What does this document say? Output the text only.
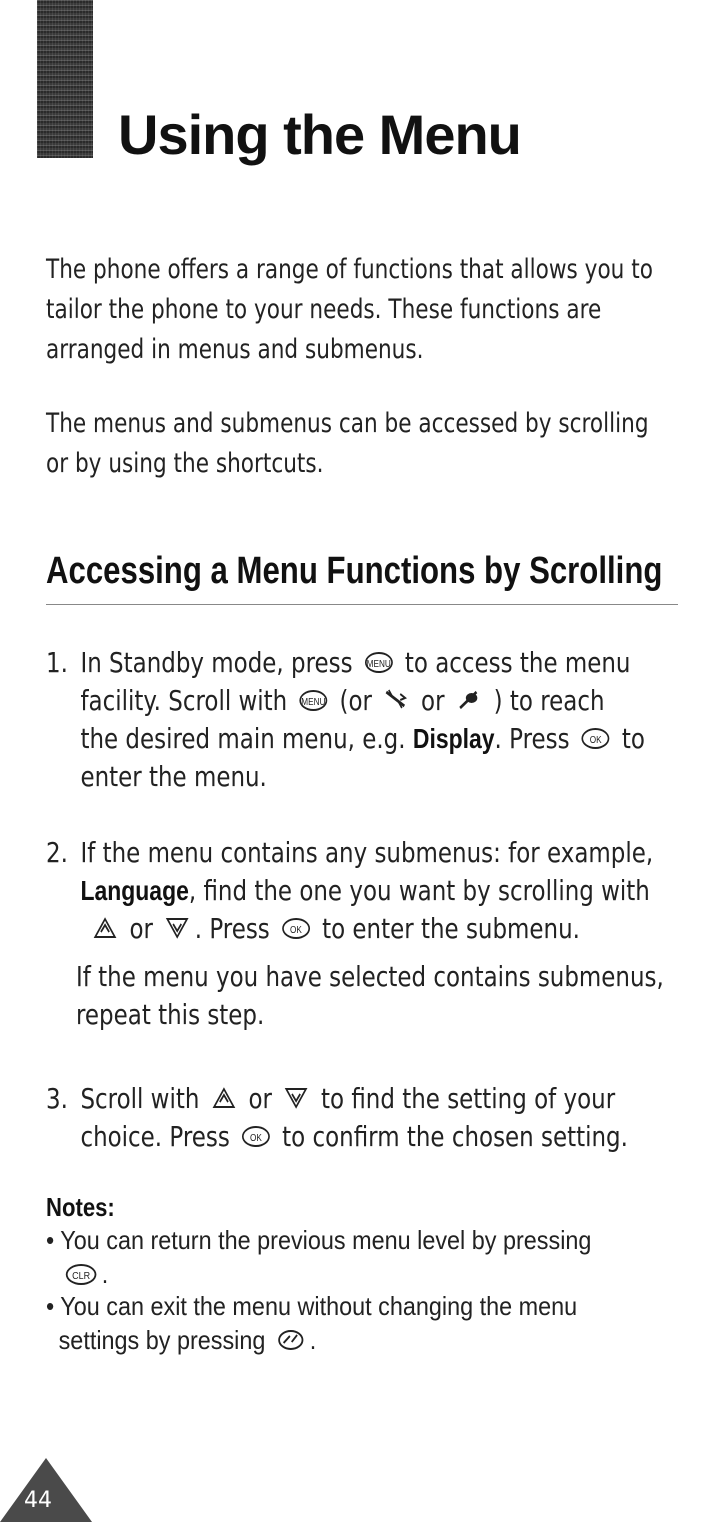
Using the Menu

The phone offers a range of functions that allows you to

tailor the phone to your needs. These functions are

arranged in menus and submenus.

The menus and submenus can be accessed by scrolling

or by using the shortcuts.

Accessing a Menu Functions by Scrolling

1. In Standby mode, press MENU to access the menu

facility. Scroll with MENU (or or ) to reach

the desired main menu, e.g. Display. Press OK to

enter the menu.

2. If the menu contains any submenus: for example,

Language, find the one you want by scrolling with

or . Press OK to enter the submenu.

If the menu you have selected contains submenus,

repeat this step.

3. Scroll with or to find the setting of your

choice. Press OK to confirm the chosen setting.

Notes:

• You can return the previous menu level by pressing

CLR .

• You can exit the menu without changing the menu

settings by pressing .

44
